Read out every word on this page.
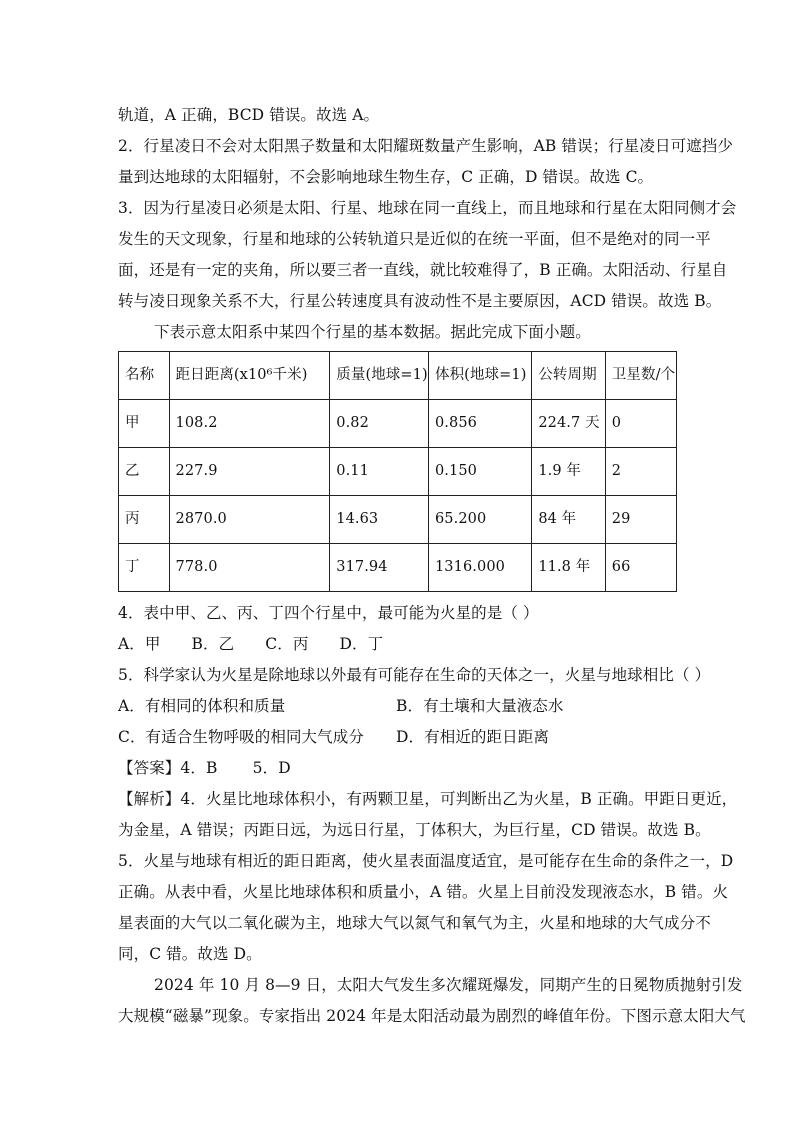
轨道，A 正确，BCD 错误。故选 A。
2．行星凌日不会对太阳黑子数量和太阳耀斑数量产生影响，AB 错误；行星凌日可遮挡少
量到达地球的太阳辐射，不会影响地球生物生存，C 正确，D 错误。故选 C。
3．因为行星凌日必须是太阳、行星、地球在同一直线上，而且地球和行星在太阳同侧才会
发生的天文现象，行星和地球的公转轨道只是近似的在统一平面，但不是绝对的同一平
面，还是有一定的夹角，所以要三者一直线，就比较难得了，B 正确。太阳活动、行星自
转与凌日现象关系不大，行星公转速度具有波动性不是主要原因，ACD 错误。故选 B。
下表示意太阳系中某四个行星的基本数据。据此完成下面小题。
名称	距日距离(x10⁶千米)	质量(地球=1)	体积(地球=1)	公转周期	卫星数/个
甲	108.2	0.82	0.856	224.7 天	0
乙	227.9	0.11	0.150	1.9 年	2
丙	2870.0	14.63	65.200	84 年	29
丁	778.0	317.94	1316.000	11.8 年	66
4．表中甲、乙、丙、丁四个行星中，最可能为火星的是（ ）
A．甲 B．乙 C．丙 D．丁
5．科学家认为火星是除地球以外最有可能存在生命的天体之一，火星与地球相比（ ）
A．有相同的体积和质量	B．有土壤和大量液态水
C．有适合生物呼吸的相同大气成分	D．有相近的距日距离
【答案】4．B       5．D
【解析】4．火星比地球体积小，有两颗卫星，可判断出乙为火星，B 正确。甲距日更近，
为金星，A 错误；丙距日远，为远日行星，丁体积大，为巨行星，CD 错误。故选 B。
5．火星与地球有相近的距日距离，使火星表面温度适宜，是可能存在生命的条件之一，D
正确。从表中看，火星比地球体积和质量小，A 错。火星上目前没发现液态水，B 错。火
星表面的大气以二氧化碳为主，地球大气以氮气和氧气为主，火星和地球的大气成分不
同，C 错。故选 D。
2024 年 10 月 8—9 日，太阳大气发生多次耀斑爆发，同期产生的日冕物质抛射引发
大规模“磁暴”现象。专家指出 2024 年是太阳活动最为剧烈的峰值年份。下图示意太阳大气
